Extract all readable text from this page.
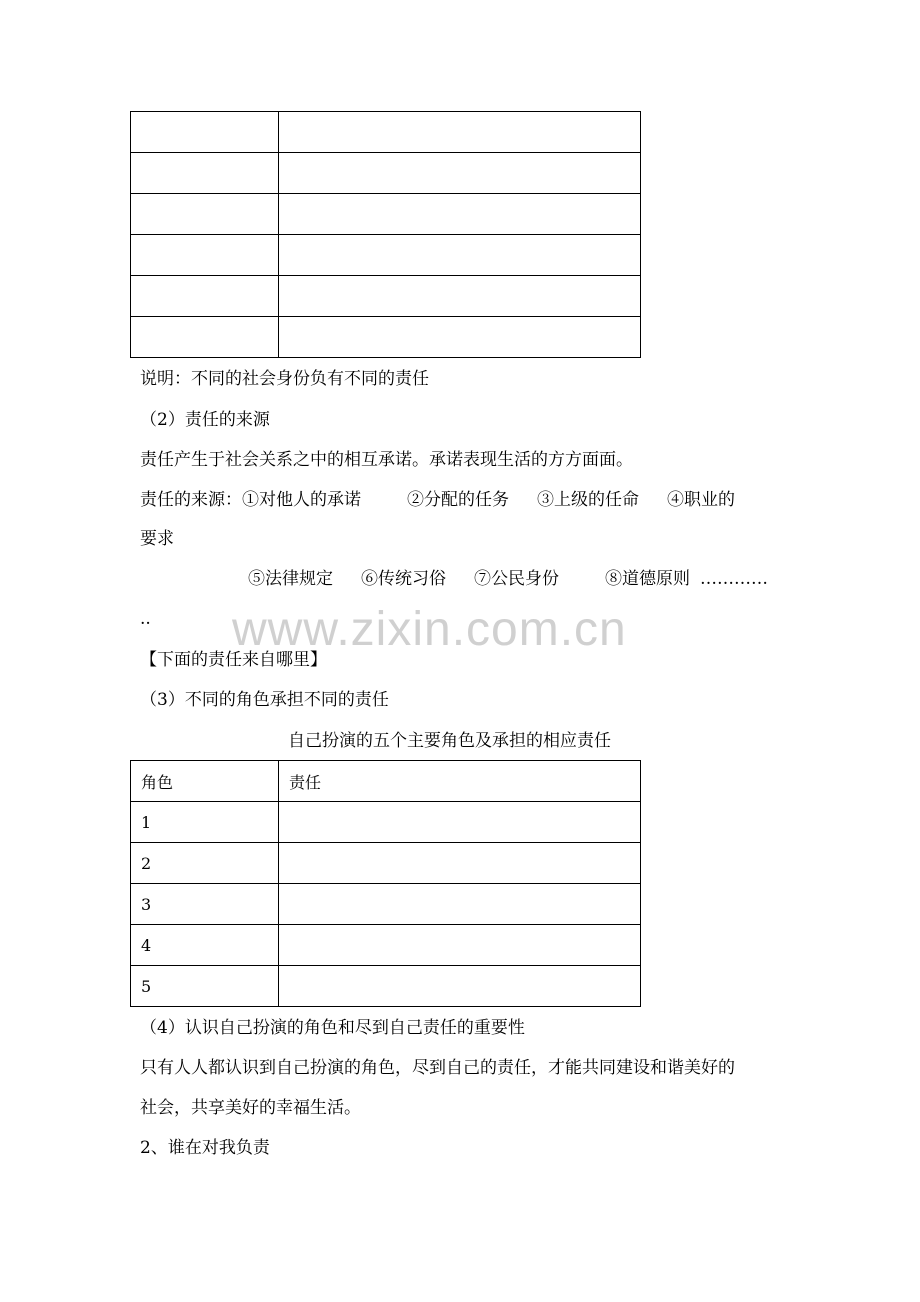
说明：不同的社会身份负有不同的责任
（2）责任的来源
责任产生于社会关系之中的相互承诺。承诺表现生活的方方面面。
责任的来源：①对他人的承诺	②分配的任务 ③上级的任命 ④职业的
要求
⑤法律规定 ⑥传统习俗 ⑦公民身份	⑧道德原则 …………
.. www.zixin.com.cn
【下面的责任来自哪里】
（3）不同的角色承担不同的责任
自己扮演的五个主要角色及承担的相应责任
角色	责任
1	
2	
3	
4	
5	
（4）认识自己扮演的角色和尽到自己责任的重要性
只有人人都认识到自己扮演的角色，尽到自己的责任，才能共同建设和谐美好的
社会，共享美好的幸福生活。
2、谁在对我负责
